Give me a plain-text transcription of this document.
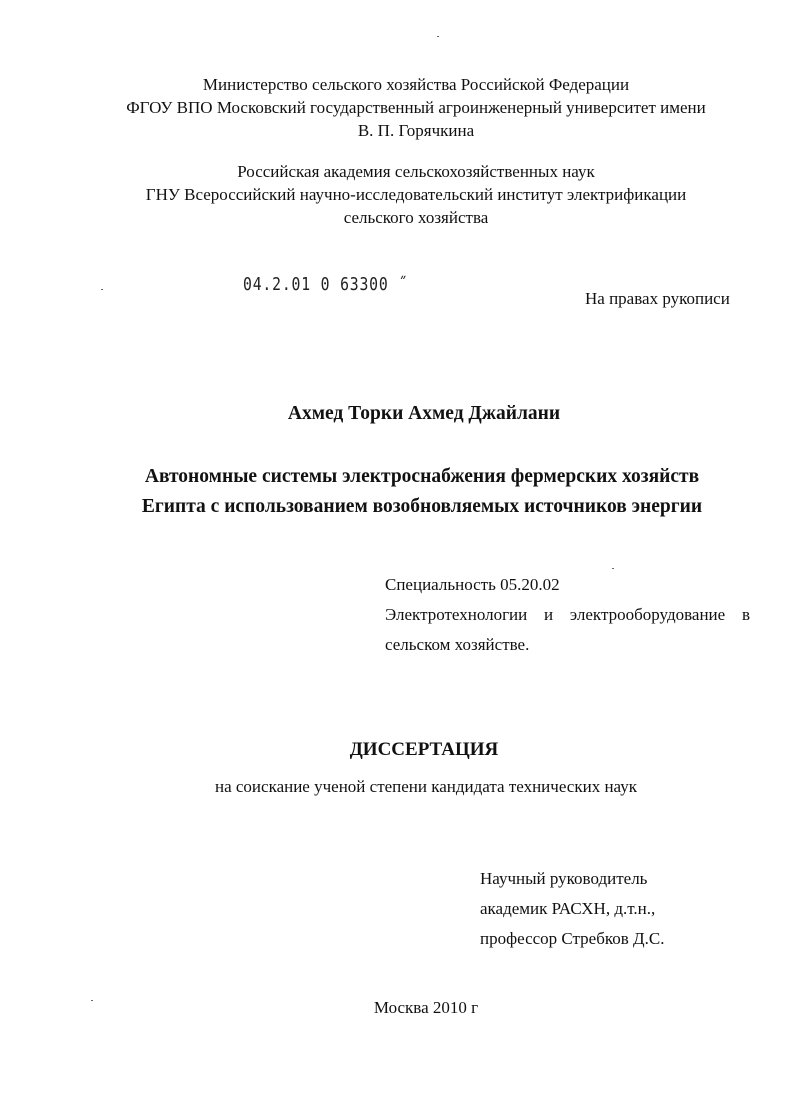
Министерство сельского хозяйства Российской Федерации
ФГОУ ВПО Московский государственный агроинженерный университет имени
В. П. Горячкина
Российская академия сельскохозяйственных наук
ГНУ Всероссийский научно-исследовательский институт электрификации
сельского хозяйства
04.2.01 0 63300 ˝
На правах рукописи
Ахмед Торки Ахмед Джайлани
Автономные системы электроснабжения фермерских хозяйств
Египта с использованием возобновляемых источников энергии
Специальность 05.20.02
Электротехнологии и электрооборудование в
сельском хозяйстве.
ДИССЕРТАЦИЯ
на соискание ученой степени кандидата технических наук
Научный руководитель
академик РАСХН, д.т.н.,
профессор Стребков Д.С.
Москва 2010 г
